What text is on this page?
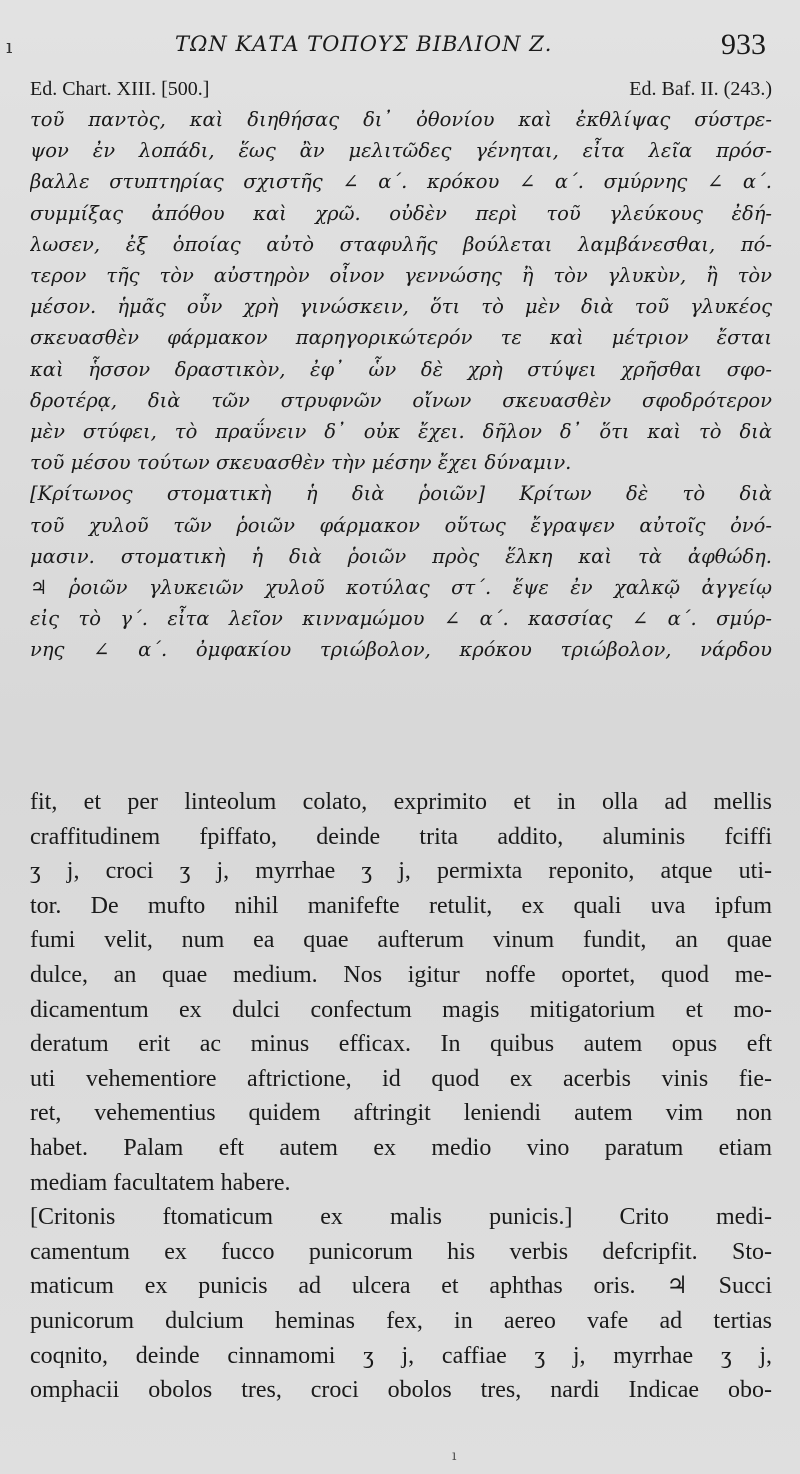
ı	ΤΩΝ ΚΑΤΑ ΤΟΠΟΥΣ ΒΙΒΛΙΟΝ Ζ.	933
Ed. Chart. XIII. [500.]	Ed. Baf. II. (243.)
τοῦ παντὸς, καὶ διηθήσας δι᾽ ὀθονίου καὶ ἐκθλίψας σύστρε-
ψον ἐν λοπάδι, ἕως ἂν μελιτῶδες γένηται, εἶτα λεῖα πρόσ-
βαλλε στυπτηρίας σχιστῆς ∠ α΄. κρόκου ∠ α΄. σμύρνης ∠ α΄.
συμμίξας ἀπόθου καὶ χρῶ. οὐδὲν περὶ τοῦ γλεύκους ἐδή-
λωσεν, ἐξ ὁποίας αὐτὸ σταφυλῆς βούλεται λαμβάνεσθαι, πό-
τερον τῆς τὸν αὐστηρὸν οἶνον γεννώσης ἢ τὸν γλυκὺν, ἢ τὸν
μέσον. ἡμᾶς οὖν χρὴ γινώσκειν, ὅτι τὸ μὲν διὰ τοῦ γλυκέος
σκευασθὲν φάρμακον παρηγορικώτερόν τε καὶ μέτριον ἔσται
καὶ ἧσσον δραστικὸν, ἐφ᾽ ὧν δὲ χρὴ στύψει χρῆσθαι σφο-
δροτέρᾳ, διὰ τῶν στρυφνῶν οἴνων σκευασθὲν σφοδρότερον
μὲν στύφει, τὸ πραΰνειν δ᾽ οὐκ ἔχει. δῆλον δ᾽ ὅτι καὶ τὸ διὰ
τοῦ μέσου τούτων σκευασθὲν τὴν μέσην ἔχει δύναμιν.
[Κρίτωνος στοματικὴ ἡ διὰ ῥοιῶν] Κρίτων δὲ τὸ διὰ
τοῦ χυλοῦ τῶν ῥοιῶν φάρμακον οὕτως ἔγραψεν αὐτοῖς ὀνό-
μασιν. στοματικὴ ἡ διὰ ῥοιῶν πρὸς ἕλκη καὶ τὰ ἀφθώδη.
♃ ῥοιῶν γλυκειῶν χυλοῦ κοτύλας στ΄. ἕψε ἐν χαλκῷ ἀγγείῳ
εἰς τὸ γ΄. εἶτα λεῖον κινναμώμου ∠ α΄. κασσίας ∠ α΄. σμύρ-
νης ∠ α΄. ὀμφακίου τριώβολον, κρόκου τριώβολον, νάρδου
fit, et per linteolum colato, exprimito et in olla ad mellis
craffitudinem fpiffato, deinde trita addito, aluminis fciffi
ʒ j, croci ʒ j, myrrhae ʒ j, permixta reponito, atque uti-
tor. De mufto nihil manifefte retulit, ex quali uva ipfum
fumi velit, num ea quae aufterum vinum fundit, an quae
dulce, an quae medium. Nos igitur noffe oportet, quod me-
dicamentum ex dulci confectum magis mitigatorium et mo-
deratum erit ac minus efficax. In quibus autem opus eft
uti vehementiore aftrictione, id quod ex acerbis vinis fie-
ret, vehementius quidem aftringit leniendi autem vim non
habet. Palam eft autem ex medio vino paratum etiam
mediam facultatem habere.
[Critonis ftomaticum ex malis punicis.] Crito medi-
camentum ex fucco punicorum his verbis defcripfit. Sto-
maticum ex punicis ad ulcera et aphthas oris. ♃ Succi
punicorum dulcium heminas fex, in aereo vafe ad tertias
coqnito, deinde cinnamomi ʒ j, caffiae ʒ j, myrrhae ʒ j,
omphacii obolos tres, croci obolos tres, nardi Indicae obo-
ı
